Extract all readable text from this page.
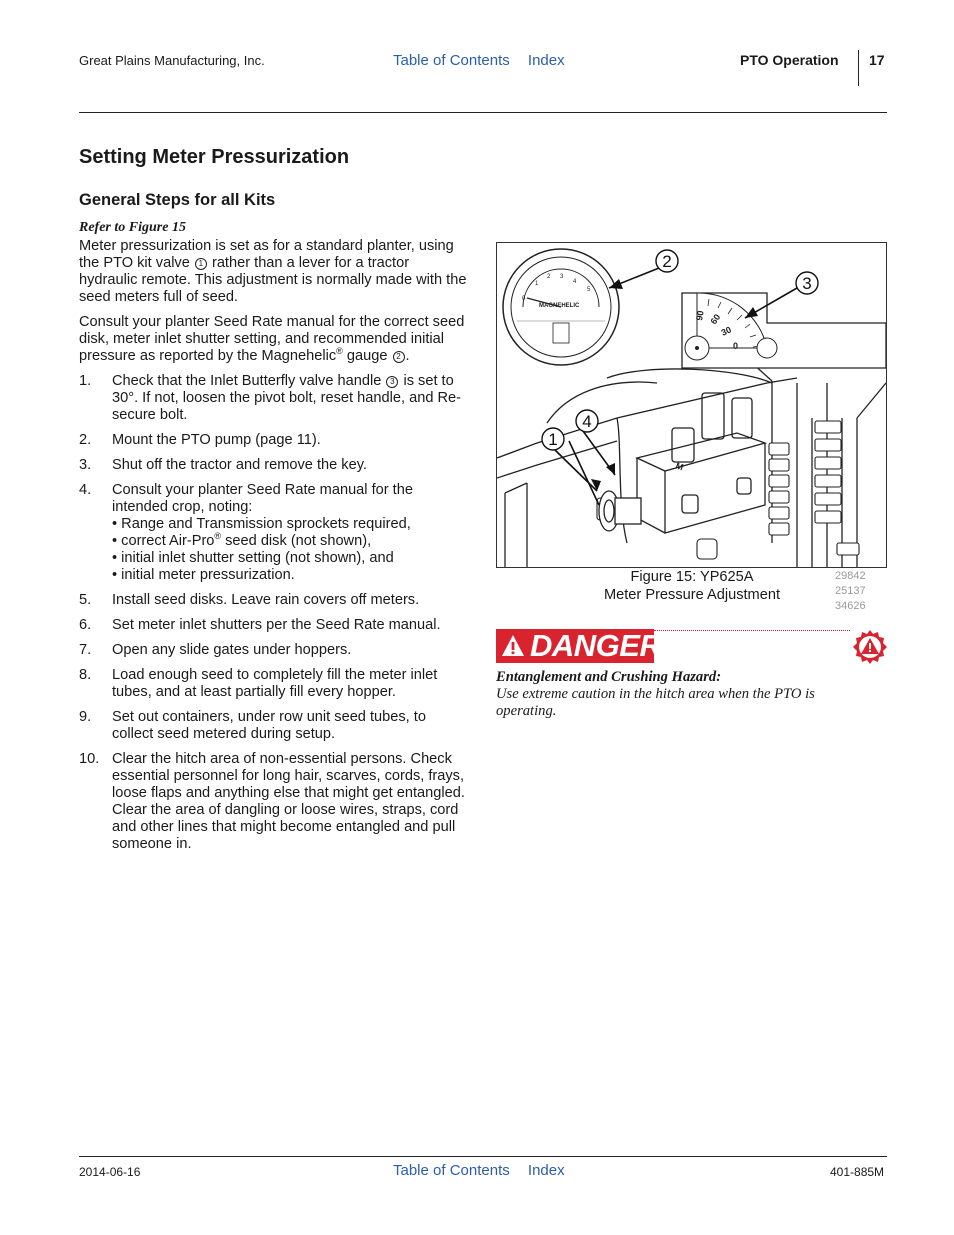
Great Plains Manufacturing, Inc.	Table of Contents Index	PTO Operation 17
Setting Meter Pressurization
General Steps for all Kits
Refer to Figure 15
Meter pressurization is set as for a standard planter, using the PTO kit valve 1 rather than a lever for a tractor hydraulic remote. This adjustment is normally made with the seed meters full of seed.
Consult your planter Seed Rate manual for the correct seed disk, meter inlet shutter setting, and recommended initial pressure as reported by the Magnehelic® gauge 2 .
1. Check that the Inlet Butterfly valve handle 3 is set to 30°. If not, loosen the pivot bolt, reset handle, and Re-secure bolt.
2. Mount the PTO pump (page 11).
3. Shut off the tractor and remove the key.
4. Consult your planter Seed Rate manual for the intended crop, noting:
• Range and Transmission sprockets required,
• correct Air-Pro® seed disk (not shown),
• initial inlet shutter setting (not shown), and
• initial meter pressurization.
5. Install seed disks. Leave rain covers off meters.
6. Set meter inlet shutters per the Seed Rate manual.
7. Open any slide gates under hoppers.
8. Load enough seed to completely fill the meter inlet tubes, and at least partially fill every hopper.
9. Set out containers, under row unit seed tubes, to collect seed metered during setup.
10. Clear the hitch area of non-essential persons. Check essential personnel for long hair, scarves, cords, frays, loose flaps and anything else that might get entangled. Clear the area of dangling or loose wires, straps, cord and other lines that might become entangled and pull someone in.
M
0
1
2 3
4
5
MAGNEHELIC
90 60
30
0
2
3
1
4
Figure 15: YP625A
Meter Pressure Adjustment
29842
25137
34626
DANGER
Entanglement and Crushing Hazard:
Use extreme caution in the hitch area when the PTO is operating.
2014-06-16	Table of Contents Index	401-885M
